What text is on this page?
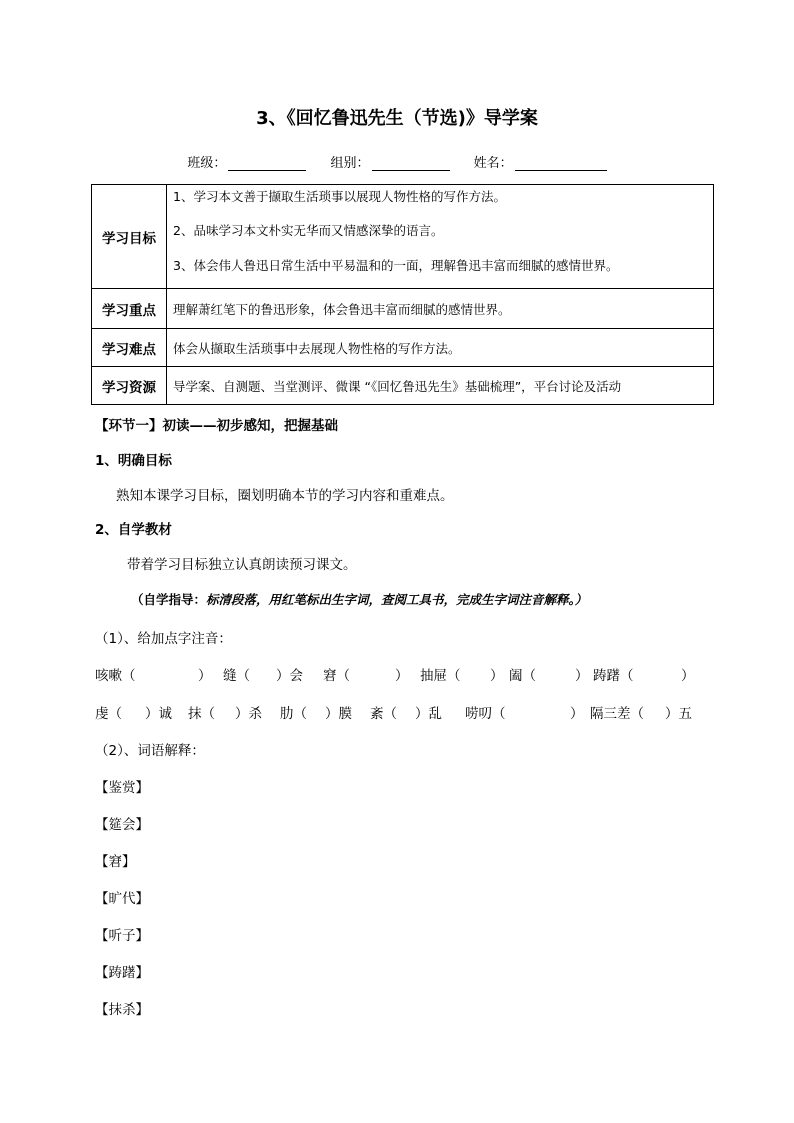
3、《回忆鲁迅先生（节选)》导学案
班级：	组别：	姓名：
学习目标	1、学习本文善于撷取生活琐事以展现人物性格的写作方法。
2、品味学习本文朴实无华而又情感深挚的语言。
3、体会伟人鲁迅日常生活中平易温和的一面，理解鲁迅丰富而细腻的感情世界。

学习重点	理解萧红笔下的鲁迅形象，体会鲁迅丰富而细腻的感情世界。
学习难点	体会从撷取生活琐事中去展现人物性格的写作方法。
学习资源	导学案、自测题、当堂测评、微课 “《回忆鲁迅先生》基础梳理”，平台讨论及活动
【环节一】初读——初步感知，把握基础
1、明确目标
熟知本课学习目标，圈划明确本节的学习内容和重难点。
2、自学教材
带着学习目标独立认真朗读预习课文。
（自学指导：标清段落，用红笔标出生字词，查阅工具书，完成生字词注音解释。）
（1）、给加点字注音：
咳嗽（	） 缝（ ）会 窘（	） 抽屉（ ） 阖（	） 踌躇（	）
虔（ ）诚 抹（ ）杀 肋（ ）膜 紊（ ）乱 唠叨（	） 隔三差（ ）五
（2）、词语解释：
【鉴赏】
【筵会】
【窘】
【旷代】
【听子】
【踌躇】
【抹杀】
